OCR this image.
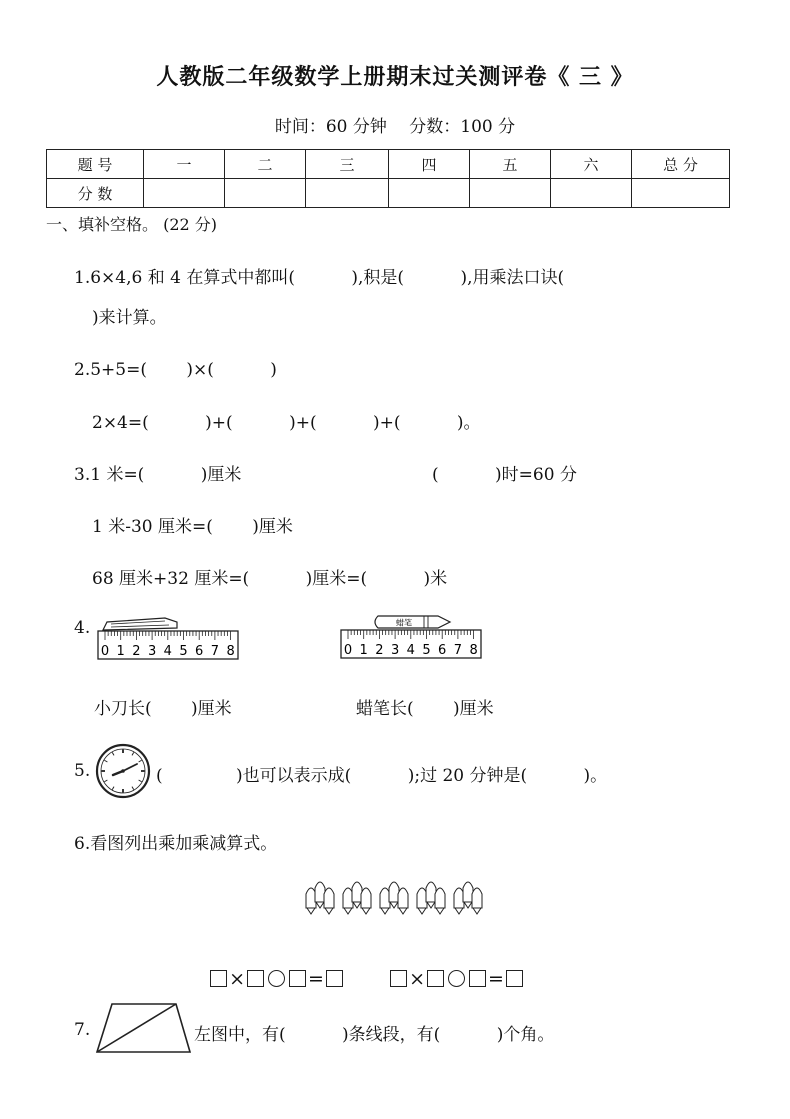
人教版二年级数学上册期末过关测评卷《 三 》
时间：60 分钟　 分数：100 分
题 号	一	二	三	四	五	六	总 分
分 数							
一、填补空格。 (22 分)
1.6×4,6 和 4 在算式中都叫(　　　 ),积是(　　　 ),用乘法口诀(
)来计算。
2.5+5=(　　 )×(　　　 )
2×4=(　　　 )+(　　　 )+(　　　 )+(　　　 )。
3.1 米=(　　　 )厘米	(　　　 )时=60 分
1 米-30 厘米=(　　 )厘米
68 厘米+32 厘米=(　　　 )厘米=(　　　 )米
4.
0 1 2 3 4 5 6 7 8
蜡笔
0 1 2 3 4 5 6 7 8
小刀长(　　 )厘米	蜡笔长(　　 )厘米
5.	(　　　　 )也可以表示成(　　　 );过 20 分钟是(　　　 )。
6.看图列出乘加乘减算式。

×	=	×	=

7.	左图中，有(　　　 )条线段，有(　　　 )个角。
